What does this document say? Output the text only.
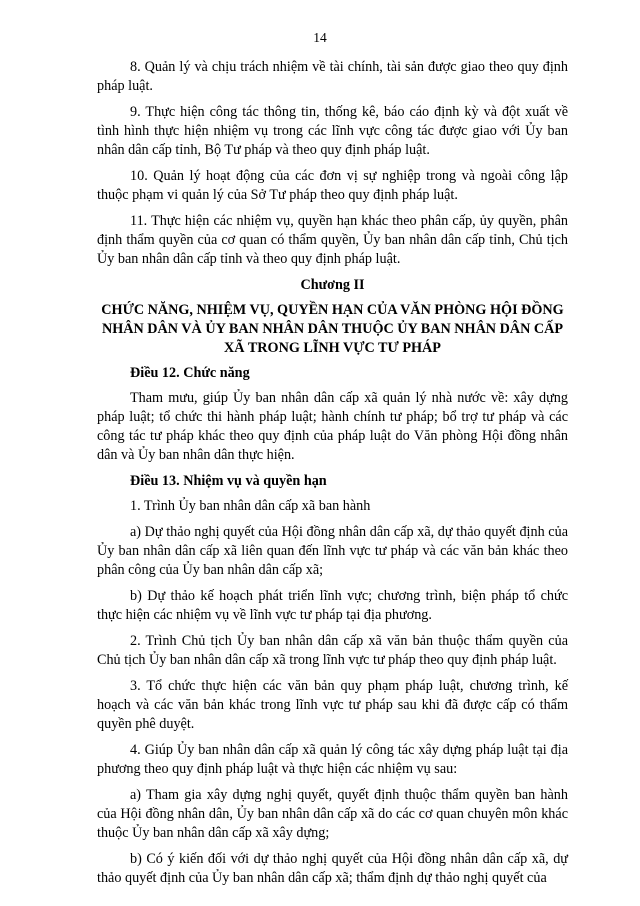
14

8. Quản lý và chịu trách nhiệm về tài chính, tài sản được giao theo quy định pháp luật.

9. Thực hiện công tác thông tin, thống kê, báo cáo định kỳ và đột xuất về tình hình thực hiện nhiệm vụ trong các lĩnh vực công tác được giao với Ủy ban nhân dân cấp tỉnh, Bộ Tư pháp và theo quy định pháp luật.

10. Quản lý hoạt động của các đơn vị sự nghiệp trong và ngoài công lập thuộc phạm vi quản lý của Sở Tư pháp theo quy định pháp luật.

11. Thực hiện các nhiệm vụ, quyền hạn khác theo phân cấp, ủy quyền, phân định thẩm quyền của cơ quan có thẩm quyền, Ủy ban nhân dân cấp tỉnh, Chủ tịch Ủy ban nhân dân cấp tỉnh và theo quy định pháp luật.

Chương II

CHỨC NĂNG, NHIỆM VỤ, QUYỀN HẠN CỦA VĂN PHÒNG HỘI ĐỒNG NHÂN DÂN VÀ ỦY BAN NHÂN DÂN THUỘC ỦY BAN NHÂN DÂN CẤP XÃ TRONG LĨNH VỰC TƯ PHÁP

Điều 12. Chức năng

Tham mưu, giúp Ủy ban nhân dân cấp xã quản lý nhà nước về: xây dựng pháp luật; tổ chức thi hành pháp luật; hành chính tư pháp; bổ trợ tư pháp và các công tác tư pháp khác theo quy định của pháp luật do Văn phòng Hội đồng nhân dân và Ủy ban nhân dân thực hiện.

Điều 13. Nhiệm vụ và quyền hạn

1. Trình Ủy ban nhân dân cấp xã ban hành

a) Dự thảo nghị quyết của Hội đồng nhân dân cấp xã, dự thảo quyết định của Ủy ban nhân dân cấp xã liên quan đến lĩnh vực tư pháp và các văn bản khác theo phân công của Ủy ban nhân dân cấp xã;

b) Dự thảo kế hoạch phát triển lĩnh vực; chương trình, biện pháp tổ chức thực hiện các nhiệm vụ về lĩnh vực tư pháp tại địa phương.

2. Trình Chủ tịch Ủy ban nhân dân cấp xã văn bản thuộc thẩm quyền của Chủ tịch Ủy ban nhân dân cấp xã trong lĩnh vực tư pháp theo quy định pháp luật.

3. Tổ chức thực hiện các văn bản quy phạm pháp luật, chương trình, kế hoạch và các văn bản khác trong lĩnh vực tư pháp sau khi đã được cấp có thẩm quyền phê duyệt.

4. Giúp Ủy ban nhân dân cấp xã quản lý công tác xây dựng pháp luật tại địa phương theo quy định pháp luật và thực hiện các nhiệm vụ sau:

a) Tham gia xây dựng nghị quyết, quyết định thuộc thẩm quyền ban hành của Hội đồng nhân dân, Ủy ban nhân dân cấp xã do các cơ quan chuyên môn khác thuộc Ủy ban nhân dân cấp xã xây dựng;

b) Có ý kiến đối với dự thảo nghị quyết của Hội đồng nhân dân cấp xã, dự thảo quyết định của Ủy ban nhân dân cấp xã; thẩm định dự thảo nghị quyết của
